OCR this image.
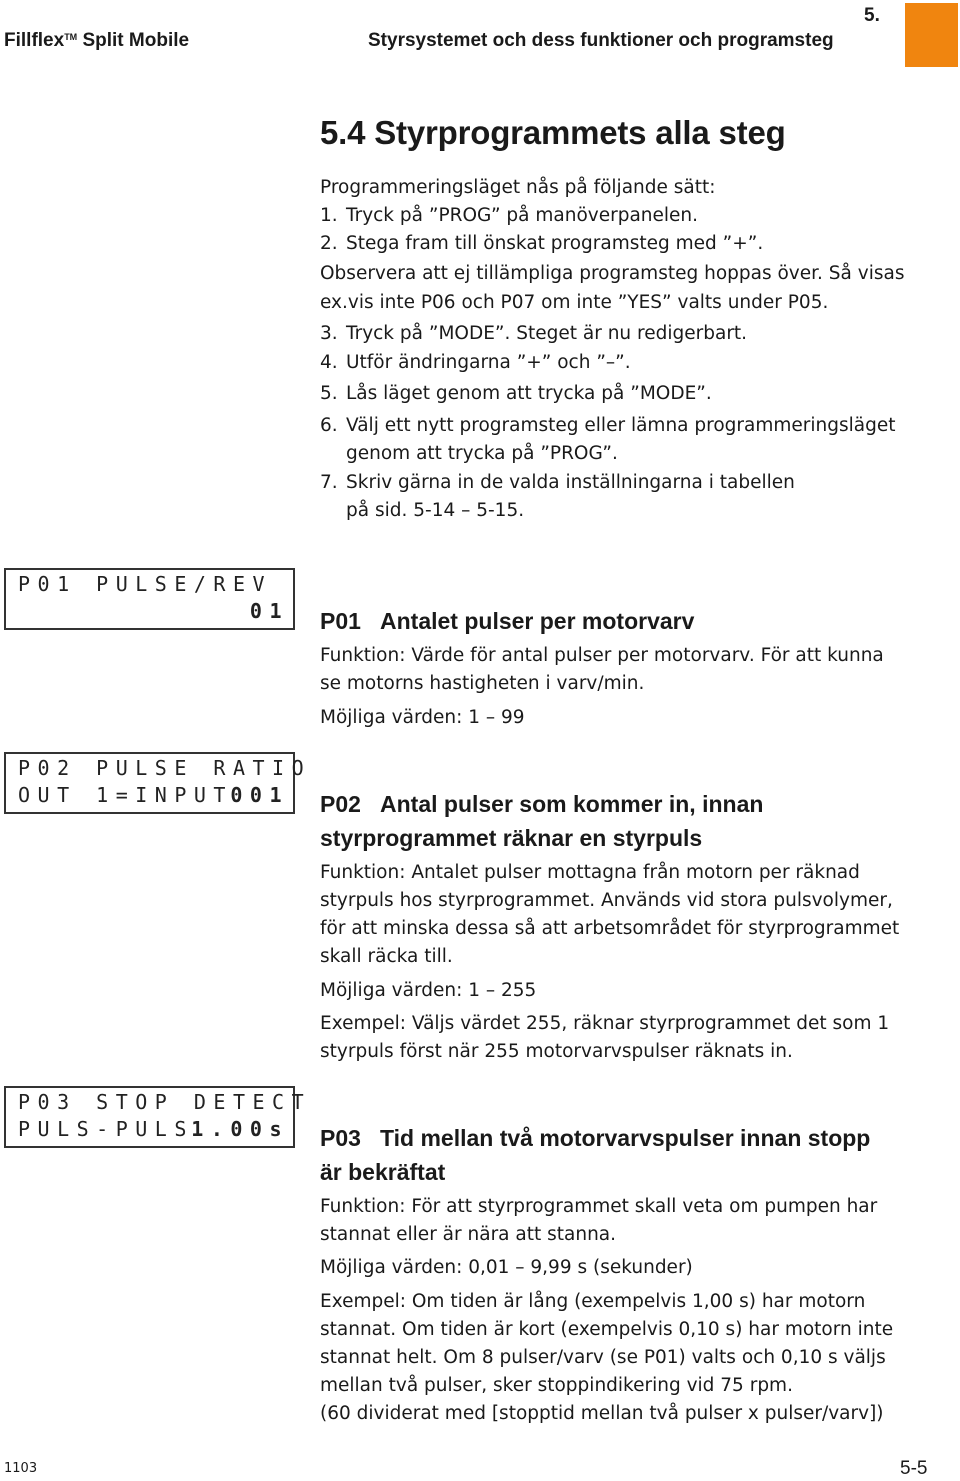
Fillflex™ Split Mobile	Styrsystemet och dess funktioner och programsteg
5.
5.4 Styrprogrammets alla steg
Programmeringsläget nås på följande sätt:
1. Tryck på ”PROG” på manöverpanelen.
2. Stega fram till önskat programsteg med ”+”.
Observera att ej tillämpliga programsteg hoppas över. Så visas
ex.vis inte P06 och P07 om inte ”YES” valts under P05.
3. Tryck på ”MODE”. Steget är nu redigerbart.
4. Utför ändringarna ”+” och ”–”.
5. Lås läget genom att trycka på ”MODE”.
6. Välj ett nytt programsteg eller lämna programmeringsläget
genom att trycka på ”PROG”.
7. Skriv gärna in de valda inställningarna i tabellen
på sid. 5-14 – 5-15.
P01 PULSE/REV
01
P02 PULSE RATIO
OUT 1=INPUT
001
P03 STOP DETECT
PULS-PULS
1.00s
P01 Antalet pulser per motorvarv
Funktion: Värde för antal pulser per motorvarv. För att kunna
se motorns hastigheten i varv/min.
Möjliga värden: 1 – 99
P02 Antal pulser som kommer in, innan
styrprogrammet räknar en styrpuls
Funktion: Antalet pulser mottagna från motorn per räknad
styrpuls hos styrprogrammet. Används vid stora pulsvolymer,
för att minska dessa så att arbetsområdet för styrprogrammet
skall räcka till.
Möjliga värden: 1 – 255
Exempel: Väljs värdet 255, räknar styrprogrammet det som 1
styrpuls först när 255 motorvarvspulser räknats in.
P03 Tid mellan två motorvarvspulser innan stopp
är bekräftat
Funktion: För att styrprogrammet skall veta om pumpen har
stannat eller är nära att stanna.
Möjliga värden: 0,01 – 9,99 s (sekunder)
Exempel: Om tiden är lång (exempelvis 1,00 s) har motorn
stannat. Om tiden är kort (exempelvis 0,10 s) har motorn inte
stannat helt. Om 8 pulser/varv (se P01) valts och 0,10 s väljs
mellan två pulser, sker stoppindikering vid 75 rpm.
(60 dividerat med [stopptid mellan två pulser x pulser/varv])
1103	5-5
